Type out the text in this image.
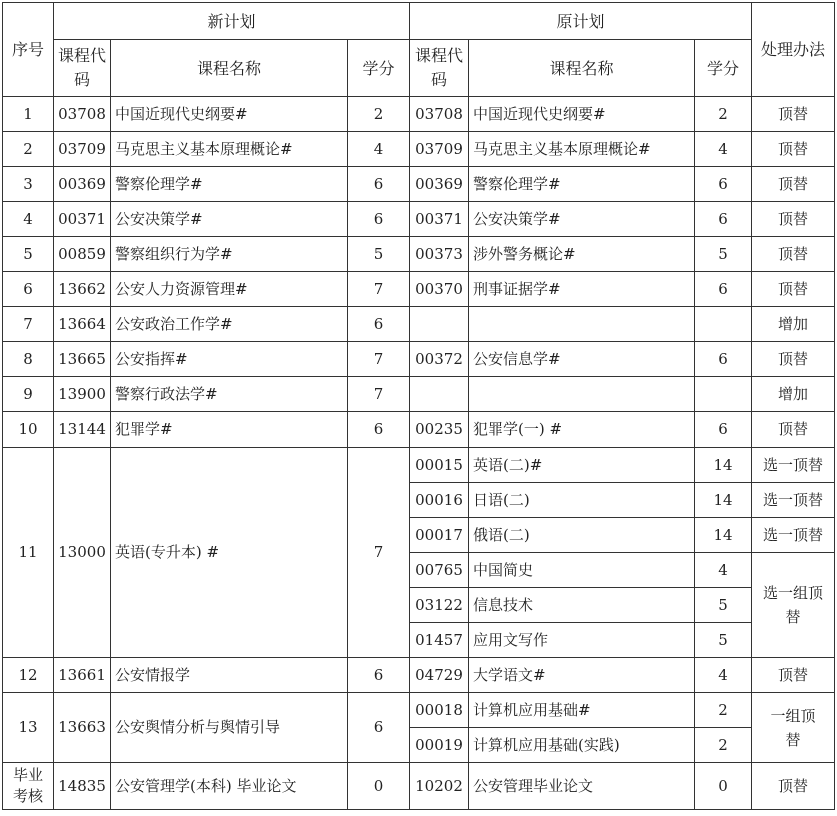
序号	新计划			原计划			处理办法
	课程代码	课程名称	学分	课程代码	课程名称	学分	
1	03708	中国近现代史纲要#	2	03708	中国近现代史纲要#	2	顶替
2	03709	马克思主义基本原理概论#	4	03709	马克思主义基本原理概论#	4	顶替
3	00369	警察伦理学#	6	00369	警察伦理学#	6	顶替
4	00371	公安决策学#	6	00371	公安决策学#	6	顶替
5	00859	警察组织行为学#	5	00373	涉外警务概论#	5	顶替
6	13662	公安人力资源管理#	7	00370	刑事证据学#	6	顶替
7	13664	公安政治工作学#	6				增加
8	13665	公安指挥#	7	00372	公安信息学#	6	顶替
9	13900	警察行政法学#	7				增加
10	13144	犯罪学#	6	00235	犯罪学(一) #	6	顶替
11	13000	英语(专升本) #	7	00015	英语(二)#	14	选一顶替
				00016	日语(二)	14	选一顶替
				00017	俄语(二)	14	选一顶替
				00765	中国简史	4	选一组顶替
				03122	信息技术	5	
				01457	应用文写作	5	
12	13661	公安情报学	6	04729	大学语文#	4	顶替
13	13663	公安舆情分析与舆情引导	6	00018	计算机应用基础#	2	一组顶替
				00019	计算机应用基础(实践)	2	
毕业考核	14835	公安管理学(本科) 毕业论文	0	10202	公安管理毕业论文	0	顶替
